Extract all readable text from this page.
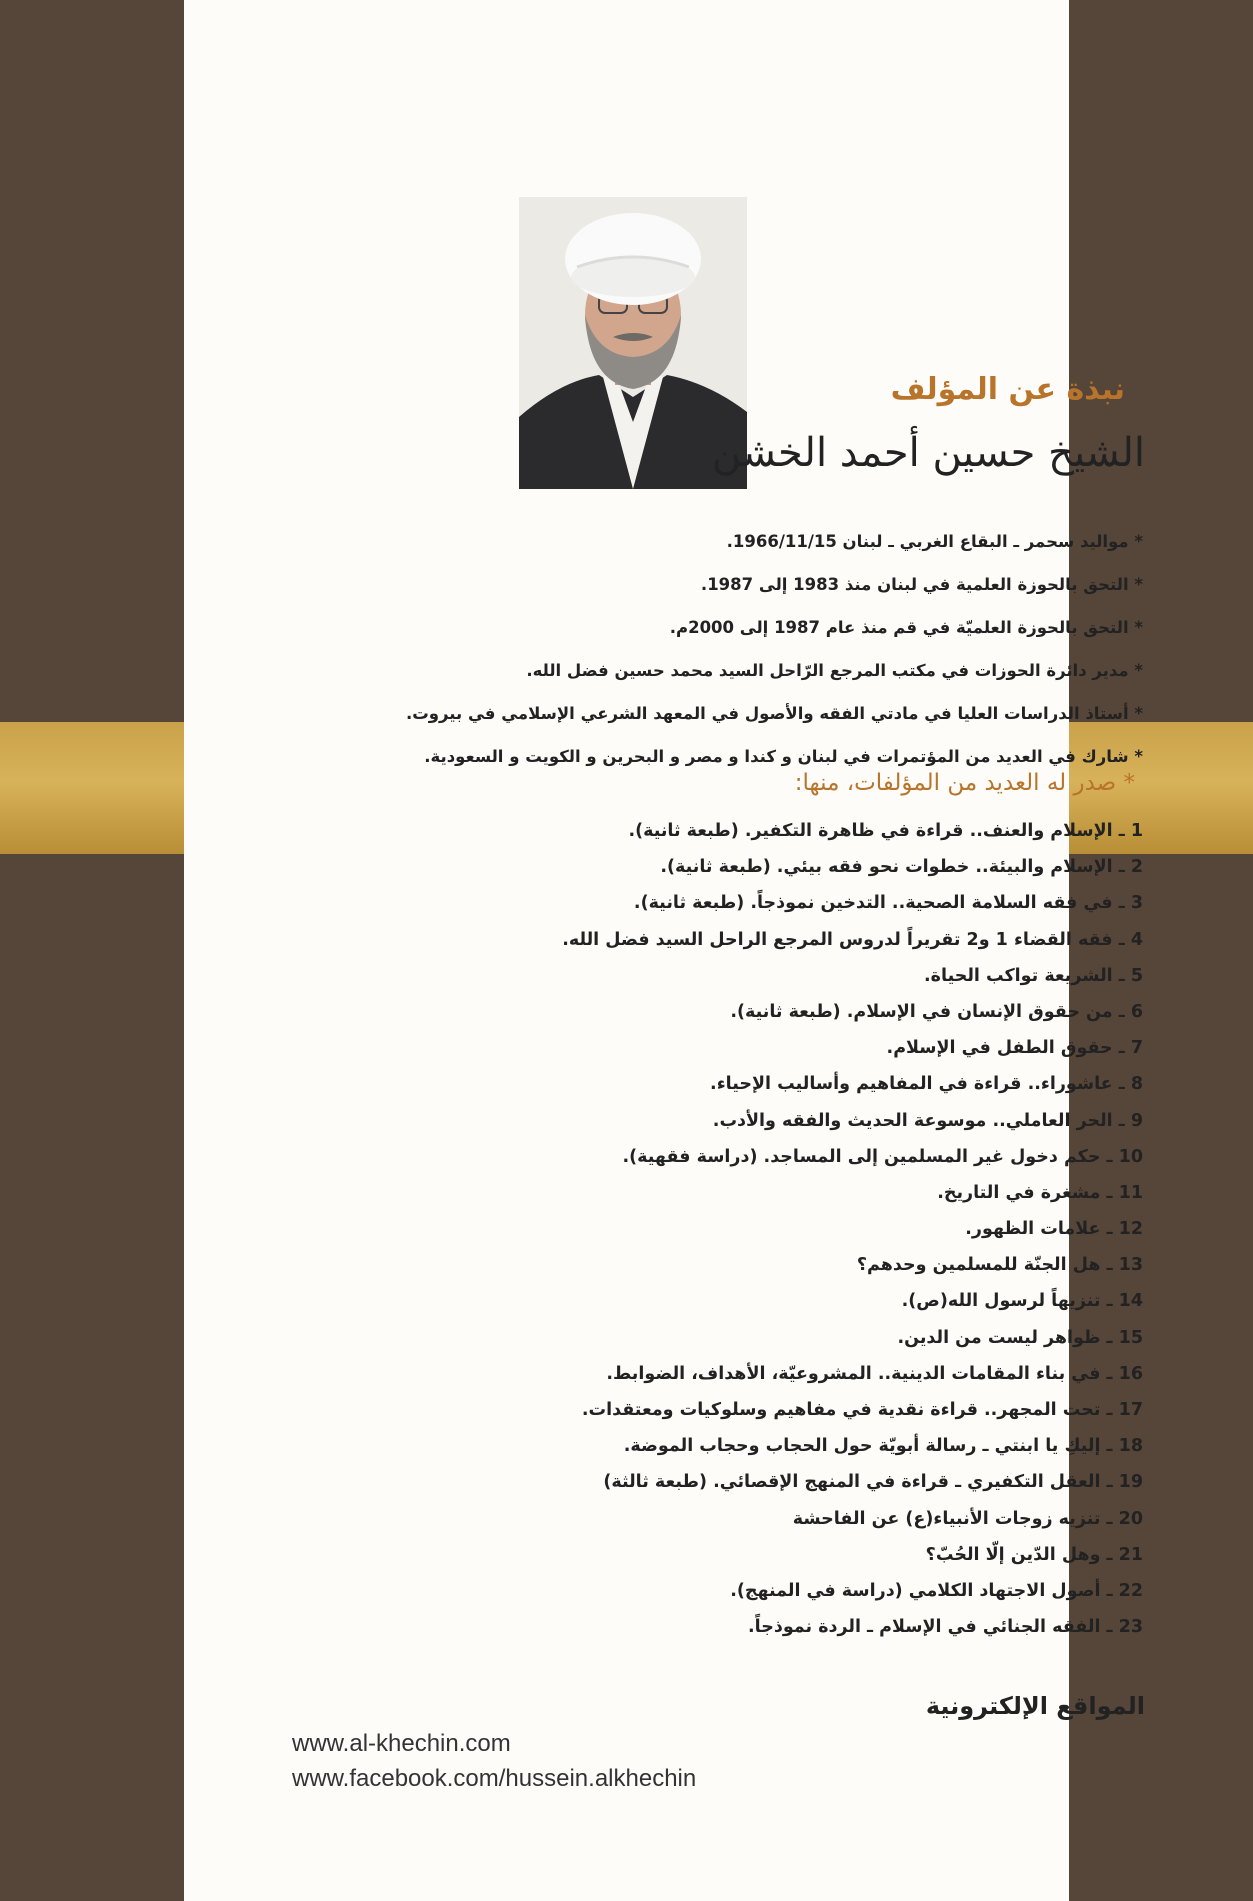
نبذة عن المؤلف
الشيخ حسين أحمد الخشن
* مواليد سحمر ـ البقاع الغربي ـ لبنان 1966/11/15.
* التحق بالحوزة العلمية في لبنان منذ 1983 إلى 1987.
* التحق بالحوزة العلميّة في قم منذ عام 1987 إلى 2000م.
* مدير دائرة الحوزات في مكتب المرجع الرّاحل السيد محمد حسين فضل الله.
* أستاذ الدراسات العليا في مادتي الفقه والأصول في المعهد الشرعي الإسلامي في بيروت.
* شارك في العديد من المؤتمرات في لبنان و كندا و مصر و البحرين و الكويت و السعودية.
* صدر له العديد من المؤلفات، منها:
1 ـ الإسلام والعنف.. قراءة في ظاهرة التكفير. (طبعة ثانية).
2 ـ الإسلام والبيئة.. خطوات نحو فقه بيئي. (طبعة ثانية).
3 ـ في فقه السلامة الصحية.. التدخين نموذجاً. (طبعة ثانية).
4 ـ فقه القضاء 1 و2 تقريراً لدروس المرجع الراحل السيد فضل الله.
5 ـ الشريعة تواكب الحياة.
6 ـ من حقوق الإنسان في الإسلام. (طبعة ثانية).
7 ـ حقوق الطفل في الإسلام.
8 ـ عاشوراء.. قراءة في المفاهيم وأساليب الإحياء.
9 ـ الحر العاملي.. موسوعة الحديث والفقه والأدب.
10 ـ حكم دخول غير المسلمين إلى المساجد. (دراسة فقهية).
11 ـ مشغرة في التاريخ.
12 ـ علامات الظهور.
13 ـ هل الجنّة للمسلمين وحدهم؟
14 ـ تنزيهاً لرسول الله(ص).
15 ـ ظواهر ليست من الدين.
16 ـ في بناء المقامات الدينية.. المشروعيّة، الأهداف، الضوابط.
17 ـ تحت المجهر.. قراءة نقدية في مفاهيم وسلوكيات ومعتقدات.
18 ـ إليكِ يا ابنتي ـ رسالة أبويّة حول الحجاب وحجاب الموضة.
19 ـ العقل التكفيري ـ قراءة في المنهج الإقصائي. (طبعة ثالثة)
20 ـ تنزيه زوجات الأنبياء(ع) عن الفاحشة
21 ـ وهل الدّين إلّا الحُبّ؟
22 ـ أصول الاجتهاد الكلامي (دراسة في المنهج).
23 ـ الفقه الجنائي في الإسلام ـ الردة نموذجاً.
المواقع الإلكترونية
www.al-khechin.com
www.facebook.com/hussein.alkhechin
